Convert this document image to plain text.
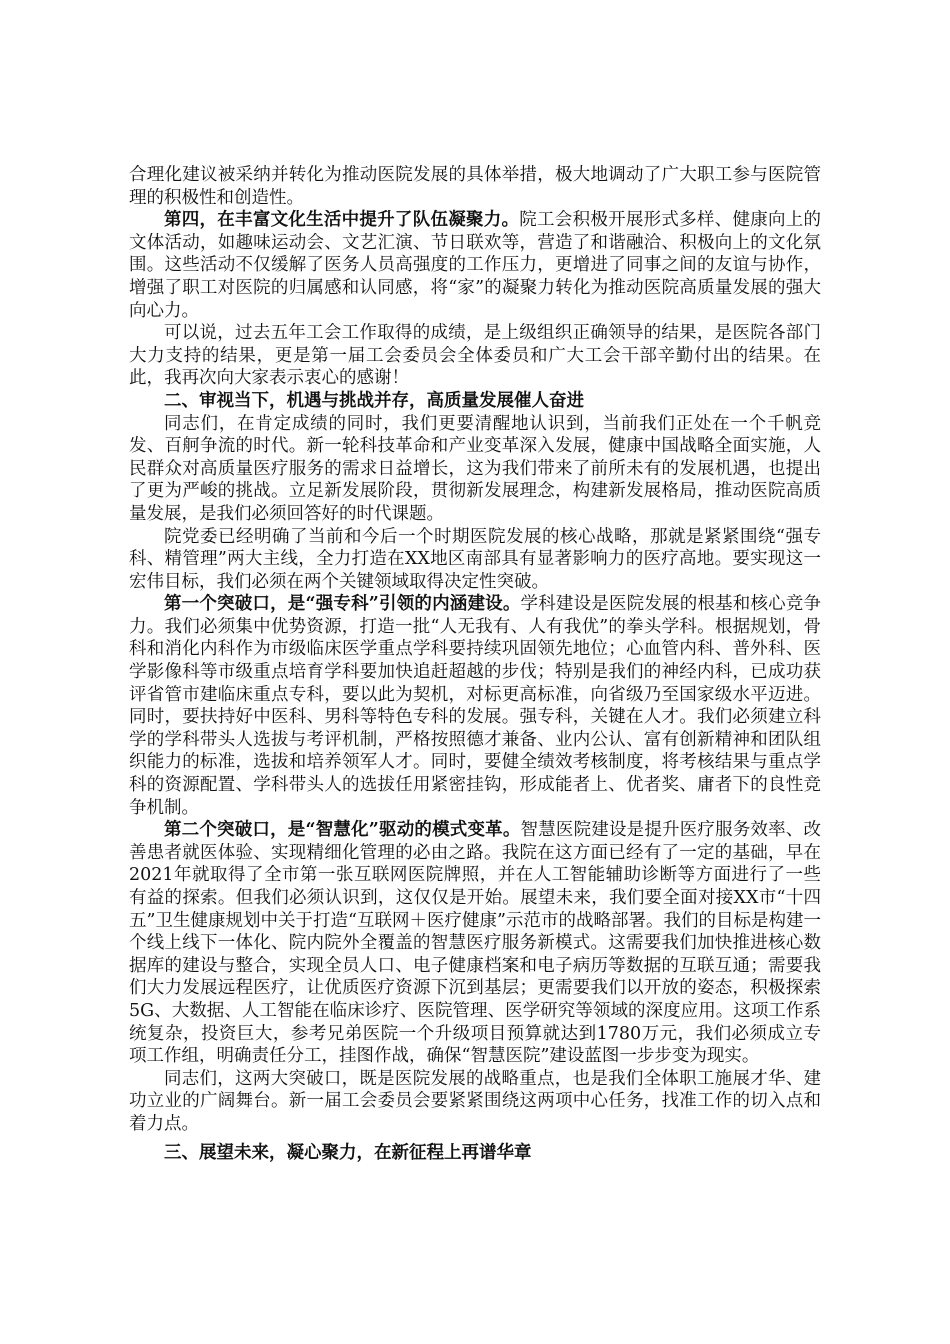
合理化建议被采纳并转化为推动医院发展的具体举措，极大地调动了广大职工参与医院管理的积极性和创造性。

第四，在丰富文化生活中提升了队伍凝聚力。院工会积极开展形式多样、健康向上的文体活动，如趣味运动会、文艺汇演、节日联欢等，营造了和谐融洽、积极向上的文化氛围。这些活动不仅缓解了医务人员高强度的工作压力，更增进了同事之间的友谊与协作，增强了职工对医院的归属感和认同感，将“家”的凝聚力转化为推动医院高质量发展的强大向心力。

可以说，过去五年工会工作取得的成绩，是上级组织正确领导的结果，是医院各部门大力支持的结果，更是第一届工会委员会全体委员和广大工会干部辛勤付出的结果。在此，我再次向大家表示衷心的感谢！

二、审视当下，机遇与挑战并存，高质量发展催人奋进

同志们，在肯定成绩的同时，我们更要清醒地认识到，当前我们正处在一个千帆竞发、百舸争流的时代。新一轮科技革命和产业变革深入发展，健康中国战略全面实施，人民群众对高质量医疗服务的需求日益增长，这为我们带来了前所未有的发展机遇，也提出了更为严峻的挑战。立足新发展阶段，贯彻新发展理念，构建新发展格局，推动医院高质量发展，是我们必须回答好的时代课题。

院党委已经明确了当前和今后一个时期医院发展的核心战略，那就是紧紧围绕“强专科、精管理”两大主线，全力打造在XX地区南部具有显著影响力的医疗高地。要实现这一宏伟目标，我们必须在两个关键领域取得决定性突破。

第一个突破口，是“强专科”引领的内涵建设。学科建设是医院发展的根基和核心竞争力。我们必须集中优势资源，打造一批“人无我有、人有我优”的拳头学科。根据规划，骨科和消化内科作为市级临床医学重点学科要持续巩固领先地位；心血管内科、普外科、医学影像科等市级重点培育学科要加快追赶超越的步伐；特别是我们的神经内科，已成功获评省管市建临床重点专科，要以此为契机，对标更高标准，向省级乃至国家级水平迈进。同时，要扶持好中医科、男科等特色专科的发展。强专科，关键在人才。我们必须建立科学的学科带头人选拔与考评机制，严格按照德才兼备、业内公认、富有创新精神和团队组织能力的标准，选拔和培养领军人才。同时，要健全绩效考核制度，将考核结果与重点学科的资源配置、学科带头人的选拔任用紧密挂钩，形成能者上、优者奖、庸者下的良性竞争机制。

第二个突破口，是“智慧化”驱动的模式变革。智慧医院建设是提升医疗服务效率、改善患者就医体验、实现精细化管理的必由之路。我院在这方面已经有了一定的基础，早在2021年就取得了全市第一张互联网医院牌照，并在人工智能辅助诊断等方面进行了一些有益的探索。但我们必须认识到，这仅仅是开始。展望未来，我们要全面对接XX市“十四五”卫生健康规划中关于打造“互联网＋医疗健康”示范市的战略部署。我们的目标是构建一个线上线下一体化、院内院外全覆盖的智慧医疗服务新模式。这需要我们加快推进核心数据库的建设与整合，实现全员人口、电子健康档案和电子病历等数据的互联互通；需要我们大力发展远程医疗，让优质医疗资源下沉到基层；更需要我们以开放的姿态，积极探索5G、大数据、人工智能在临床诊疗、医院管理、医学研究等领域的深度应用。这项工作系统复杂，投资巨大，参考兄弟医院一个升级项目预算就达到1780万元，我们必须成立专项工作组，明确责任分工，挂图作战，确保“智慧医院”建设蓝图一步步变为现实。

同志们，这两大突破口，既是医院发展的战略重点，也是我们全体职工施展才华、建功立业的广阔舞台。新一届工会委员会要紧紧围绕这两项中心任务，找准工作的切入点和着力点。

三、展望未来，凝心聚力，在新征程上再谱华章
